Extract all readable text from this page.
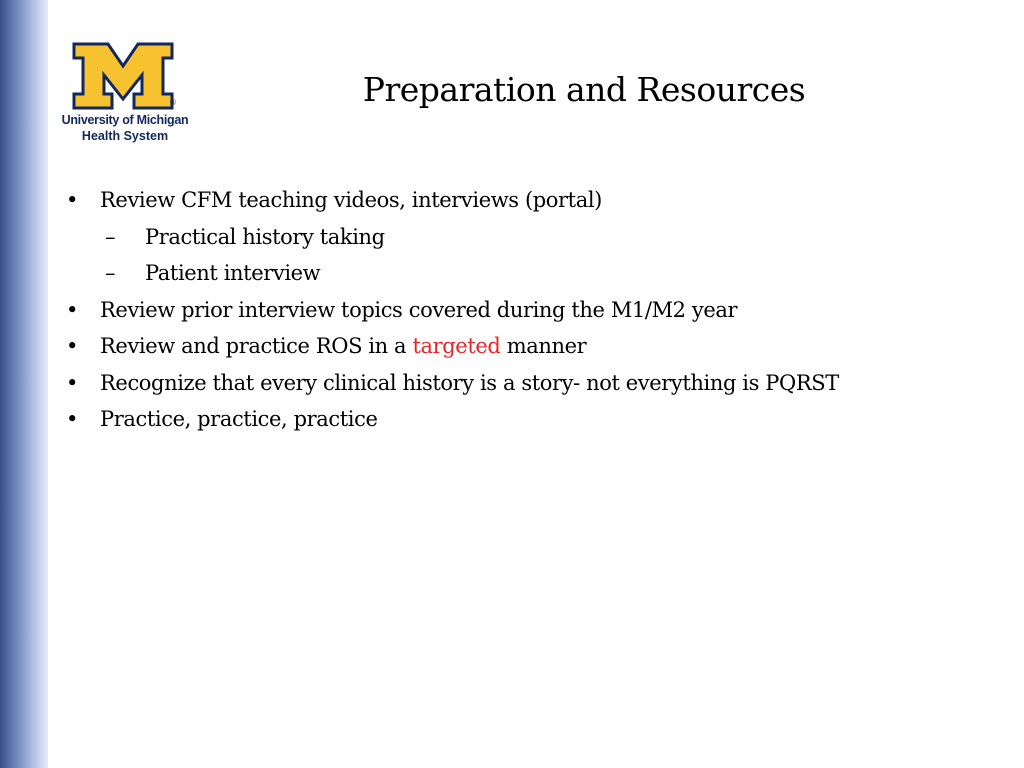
®
University of Michigan
Health System
Preparation and Resources
• Review CFM teaching videos, interviews (portal)
– Practical history taking
– Patient interview
• Review prior interview topics covered during the M1/M2 year
• Review and practice ROS in a targeted manner
• Recognize that every clinical history is a story- not everything is PQRST
• Practice, practice, practice
